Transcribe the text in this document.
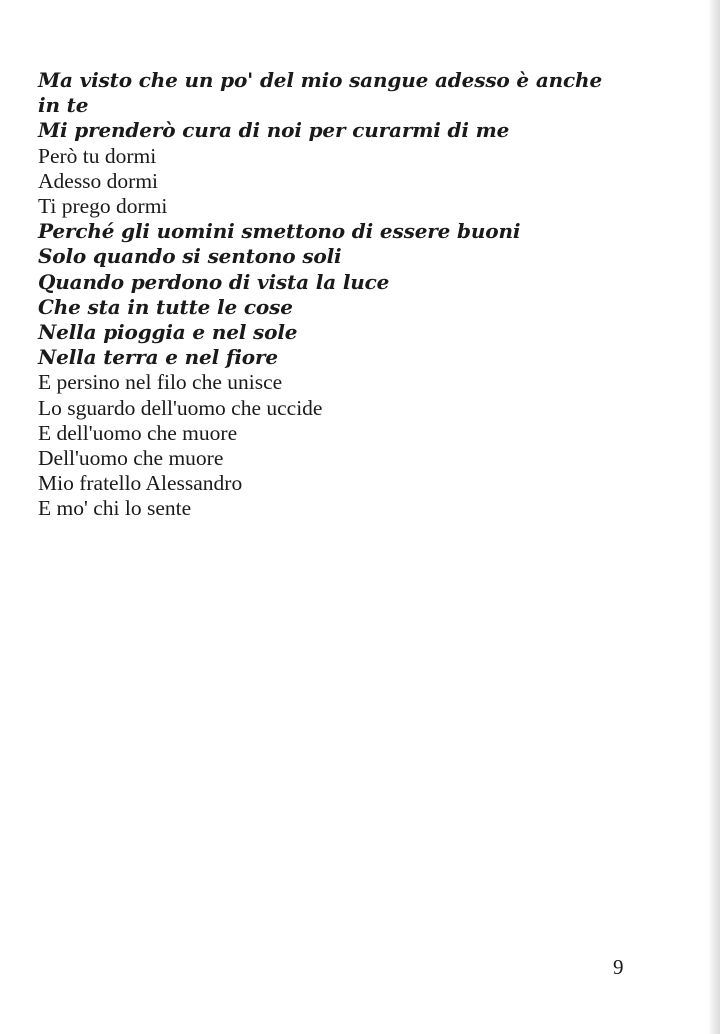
Ma visto che un po' del mio sangue adesso è anche
in te

Mi prenderò cura di noi per curarmi di me

Però tu dormi

Adesso dormi

Ti prego dormi

Perché gli uomini smettono di essere buoni

Solo quando si sentono soli

Quando perdono di vista la luce

Che sta in tutte le cose

Nella pioggia e nel sole

Nella terra e nel fiore

E persino nel filo che unisce

Lo sguardo dell'uomo che uccide

E dell'uomo che muore

Dell'uomo che muore

Mio fratello Alessandro

E mo' chi lo sente

9
